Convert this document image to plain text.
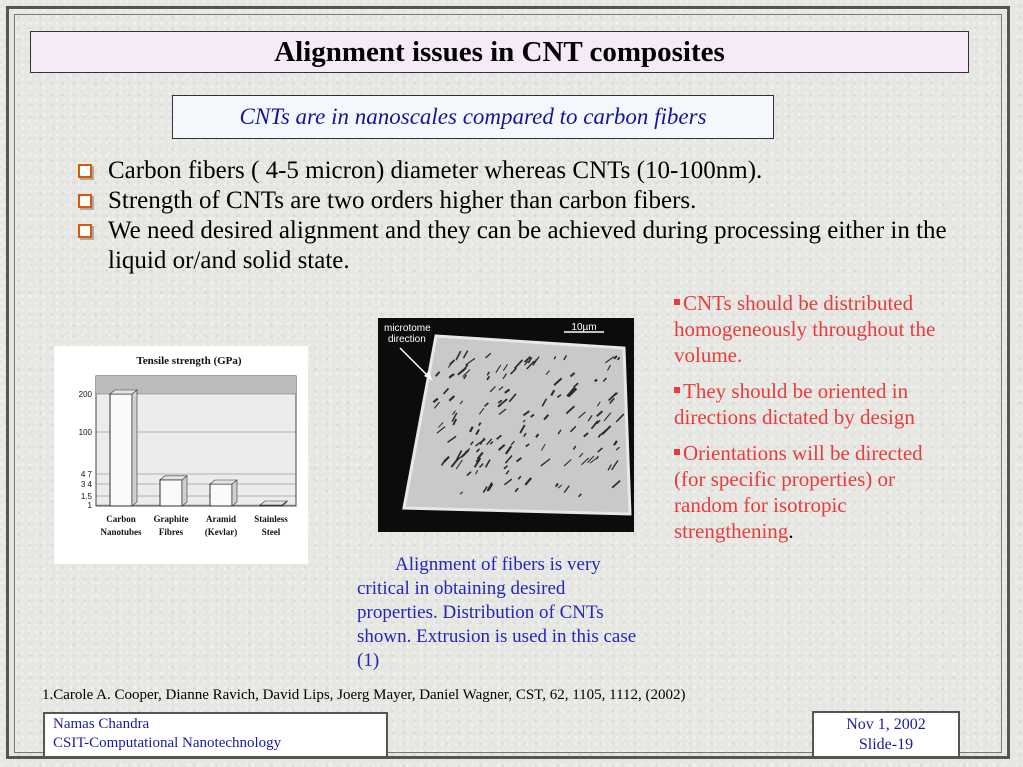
Alignment issues in CNT composites
CNTs are in nanoscales compared to carbon fibers
Carbon fibers ( 4-5 micron) diameter whereas CNTs (10-100nm).
Strength of CNTs are two orders higher than carbon fibers.
We need desired alignment and they can be achieved during processing either in the liquid or/and solid state.
Tensile strength (GPa)
200
100
4 7
3 4
1.5
1
Carbon
Nanotubes
Graphite
Fibres
Aramid
(Kevlar)
Stainless
Steel
microtome
direction
10µm

Alignment of fibers is very critical in obtaining desired properties. Distribution of CNTs shown. Extrusion is used in this case (1)

CNTs should be distributed homogeneously throughout the volume.
They should be oriented in directions dictated by design
Orientations will be directed (for specific properties) or random for isotropic strengthening.
1.Carole A. Cooper, Dianne Ravich, David Lips, Joerg Mayer, Daniel Wagner, CST, 62, 1105, 1112, (2002)
Namas Chandra
CSIT-Computational Nanotechnology
Nov 1, 2002
Slide-19
